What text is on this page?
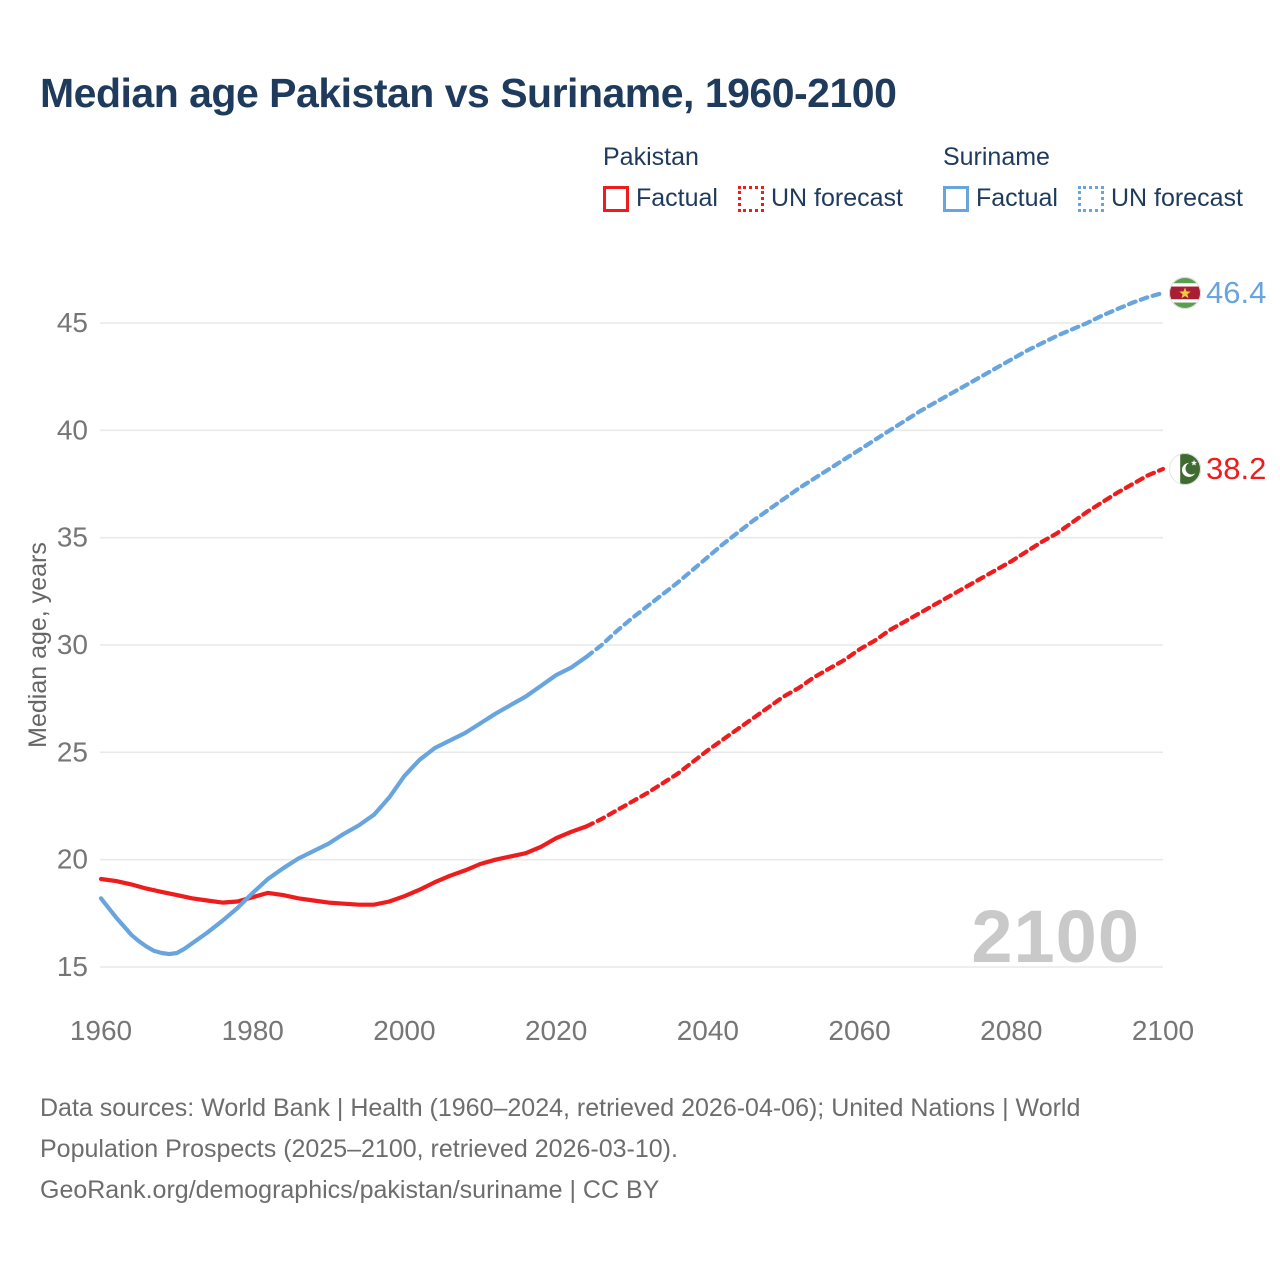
15
20
25
30
35
40
45
1960	1980	2000	2020	2040	2060	2080	2100
Median age, years
2100
38.2
46.4
Median age Pakistan vs Suriname, 1960-2100
Pakistan
Factual UN forecast
Suriname
Factual UN forecast
Data sources: World Bank | Health (1960–2024, retrieved 2026-04-06); United Nations | World
Population Prospects (2025–2100, retrieved 2026-03-10).
GeoRank.org/demographics/pakistan/suriname | CC BY
